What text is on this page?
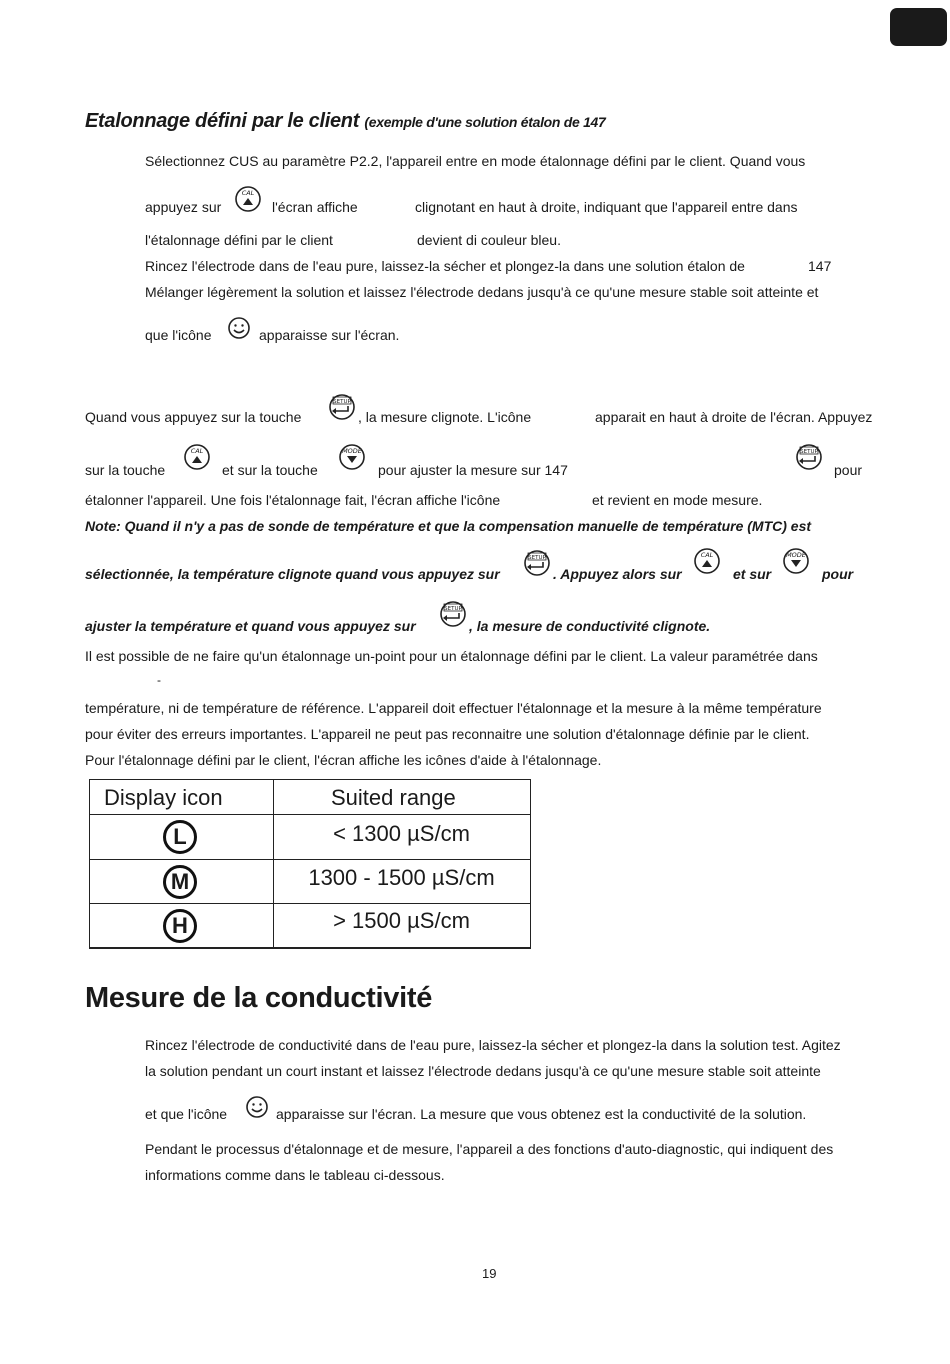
Etalonnage défini par le client (exemple d'une solution étalon de 147
Sélectionnez CUS au paramètre P2.2, l'appareil entre en mode étalonnage défini par le client. Quand vous
appuyez sur
CAL
l'écran affiche	clignotant en haut à droite, indiquant que l'appareil entre dans
l'étalonnage défini par le client	devient di couleur bleu.
Rincez l'électrode dans de l'eau pure, laissez-la sécher et plongez-la dans une solution étalon de	147
Mélanger légèrement la solution et laissez l'électrode dedans jusqu'à ce qu'une mesure stable soit atteinte et
que l'icône	apparaisse sur l'écran.
Quand vous appuyez sur la touche
SETUP
, la mesure clignote. L'icône	apparait en haut à droite de l'écran. Appuyez
sur la touche
CAL
et sur la touche
MODE
pour ajuster la mesure sur 147
SETUP
pour
étalonner l'appareil. Une fois l'étalonnage fait, l'écran affiche l'icône	et revient en mode mesure.
Note: Quand il n'y a pas de sonde de température et que la compensation manuelle de température (MTC) est
sélectionnée, la température clignote quand vous appuyez sur
SETUP
. Appuyez alors sur
CAL
et sur
MODE
pour
ajuster la température et quand vous appuyez sur
SETUP
, la mesure de conductivité clignote.
Il est possible de ne faire qu'un étalonnage un-point pour un étalonnage défini par le client. La valeur paramétrée dans
-
température, ni de température de référence. L'appareil doit effectuer l'étalonnage et la mesure à la même température
pour éviter des erreurs importantes. L'appareil ne peut pas reconnaitre une solution d'étalonnage définie par le client.
Pour l'étalonnage défini par le client, l'écran affiche les icônes d'aide à l'étalonnage.
Display icon	Suited range
L	< 1300 µS/cm
M	1300 - 1500 µS/cm
H	> 1500 µS/cm
Mesure de la conductivité
Rincez l'électrode de conductivité dans de l'eau pure, laissez-la sécher et plongez-la dans la solution test. Agitez
la solution pendant un court instant et laissez l'électrode dedans jusqu'à ce qu'une mesure stable soit atteinte
et que l'icône	apparaisse sur l'écran. La mesure que vous obtenez est la conductivité de la solution.
Pendant le processus d'étalonnage et de mesure, l'appareil a des fonctions d'auto-diagnostic, qui indiquent des
informations comme dans le tableau ci-dessous.
19
